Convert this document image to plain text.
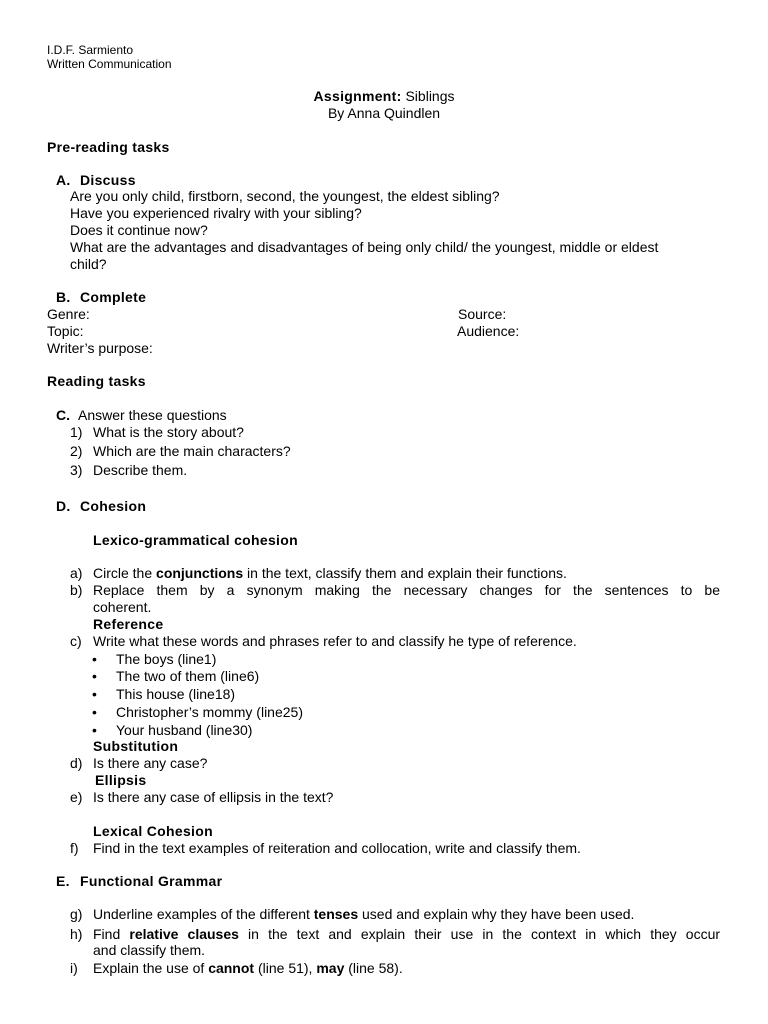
I.D.F. Sarmiento
Written Communication
Assignment: Siblings
By Anna Quindlen
Pre-reading tasks
A. Discuss
Are you only child, firstborn, second, the youngest, the eldest sibling?
Have you experienced rivalry with your sibling?
Does it continue now?
What are the advantages and disadvantages of being only child/ the youngest, middle or eldest
child?
B. Complete
Genre:	Source:
Topic:	Audience:
Writer’s purpose:
Reading tasks
C. Answer these questions
1) What is the story about?
2) Which are the main characters?
3) Describe them.
D. Cohesion
Lexico-grammatical cohesion
a) Circle the conjunctions in the text, classify them and explain their functions.
b) Replace them by a synonym making the necessary changes for the sentences to be
coherent.
Reference
c) Write what these words and phrases refer to and classify he type of reference.
• The boys (line1)
• The two of them (line6)
• This house (line18)
• Christopher’s mommy (line25)
• Your husband (line30)
Substitution
d) Is there any case?
Ellipsis
e) Is there any case of ellipsis in the text?
Lexical Cohesion
f) Find in the text examples of reiteration and collocation, write and classify them.
E. Functional Grammar
g) Underline examples of the different tenses used and explain why they have been used.
h) Find relative clauses in the text and explain their use in the context in which they occur
and classify them.
i) Explain the use of cannot (line 51), may (line 58).
